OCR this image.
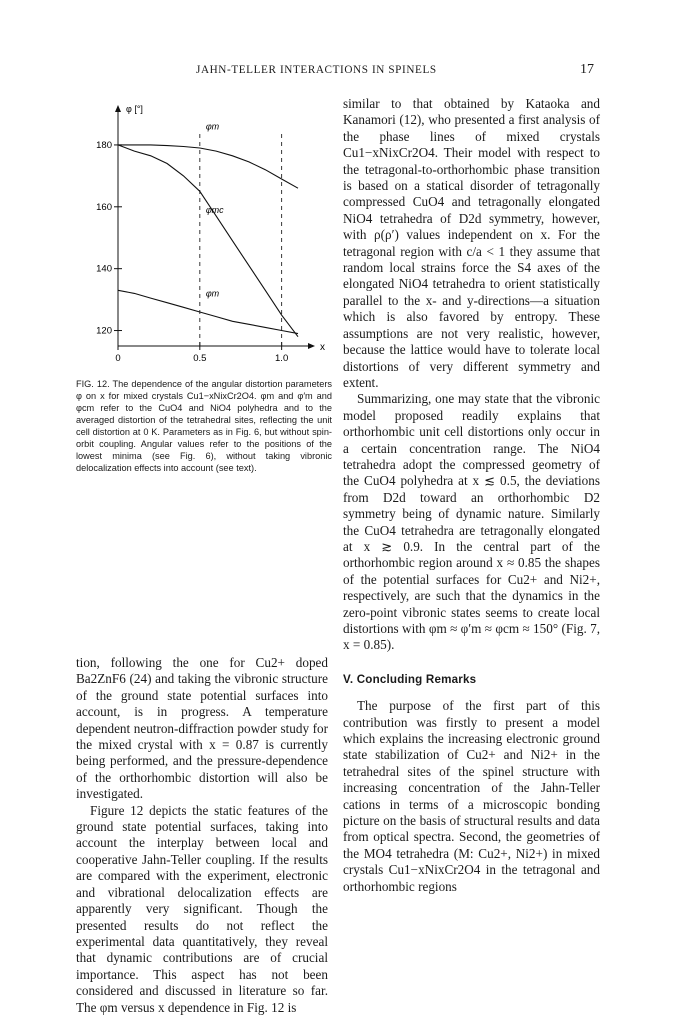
JAHN-TELLER INTERACTIONS IN SPINELS	17
φ [°]
x
120
140
160
180
0	0.5	1.0
φm
φmc
φm

FIG. 12. The dependence of the angular distortion parameters φ on x for mixed crystals Cu1−xNixCr2O4. φm and φ′m and φcm refer to the CuO4 and NiO4 polyhedra and to the averaged distortion of the tetrahedral sites, reflecting the unit cell distortion at 0 K. Parameters as in Fig. 6, but without spin-orbit coupling. Angular values refer to the positions of the lowest minima (see Fig. 6), without taking vibronic delocalization effects into account (see text).

tion, following the one for Cu2+ doped Ba2ZnF6 (24) and taking the vibronic structure of the ground state potential surfaces into account, is in progress. A temperature dependent neutron-diffraction powder study for the mixed crystal with x = 0.87 is currently being performed, and the pressure-dependence of the orthorhombic distortion will also be investigated.

Figure 12 depicts the static features of the ground state potential surfaces, taking into account the interplay between local and cooperative Jahn-Teller coupling. If the results are compared with the experiment, electronic and vibrational delocalization effects are apparently very significant. Though the presented results do not reflect the experimental data quantitatively, they reveal that dynamic contributions are of crucial importance. This aspect has not been considered and discussed in literature so far. The φm versus x dependence in Fig. 12 is

similar to that obtained by Kataoka and Kanamori (12), who presented a first analysis of the phase lines of mixed crystals Cu1−xNixCr2O4. Their model with respect to the tetragonal-to-orthorhombic phase transition is based on a statical disorder of tetragonally compressed CuO4 and tetragonally elongated NiO4 tetrahedra of D2d symmetry, however, with ρ(ρ′) values independent on x. For the tetragonal region with c/a < 1 they assume that random local strains force the S4 axes of the elongated NiO4 tetrahedra to orient statistically parallel to the x- and y-directions—a situation which is also favored by entropy. These assumptions are not very realistic, however, because the lattice would have to tolerate local distortions of very different symmetry and extent.

Summarizing, one may state that the vibronic model proposed readily explains that orthorhombic unit cell distortions only occur in a certain concentration range. The NiO4 tetrahedra adopt the compressed geometry of the CuO4 polyhedra at x ≲ 0.5, the deviations from D2d toward an orthorhombic D2 symmetry being of dynamic nature. Similarly the CuO4 tetrahedra are tetragonally elongated at x ≳ 0.9. In the central part of the orthorhombic region around x ≈ 0.85 the shapes of the potential surfaces for Cu2+ and Ni2+, respectively, are such that the dynamics in the zero-point vibronic states seems to create local distortions with φm ≈ φ′m ≈ φcm ≈ 150° (Fig. 7, x = 0.85).

V. Concluding Remarks

The purpose of the first part of this contribution was firstly to present a model which explains the increasing electronic ground state stabilization of Cu2+ and Ni2+ in the tetrahedral sites of the spinel structure with increasing concentration of the Jahn-Teller cations in terms of a microscopic bonding picture on the basis of structural results and data from optical spectra. Second, the geometries of the MO4 tetrahedra (M: Cu2+, Ni2+) in mixed crystals Cu1−xNixCr2O4 in the tetragonal and orthorhombic regions
